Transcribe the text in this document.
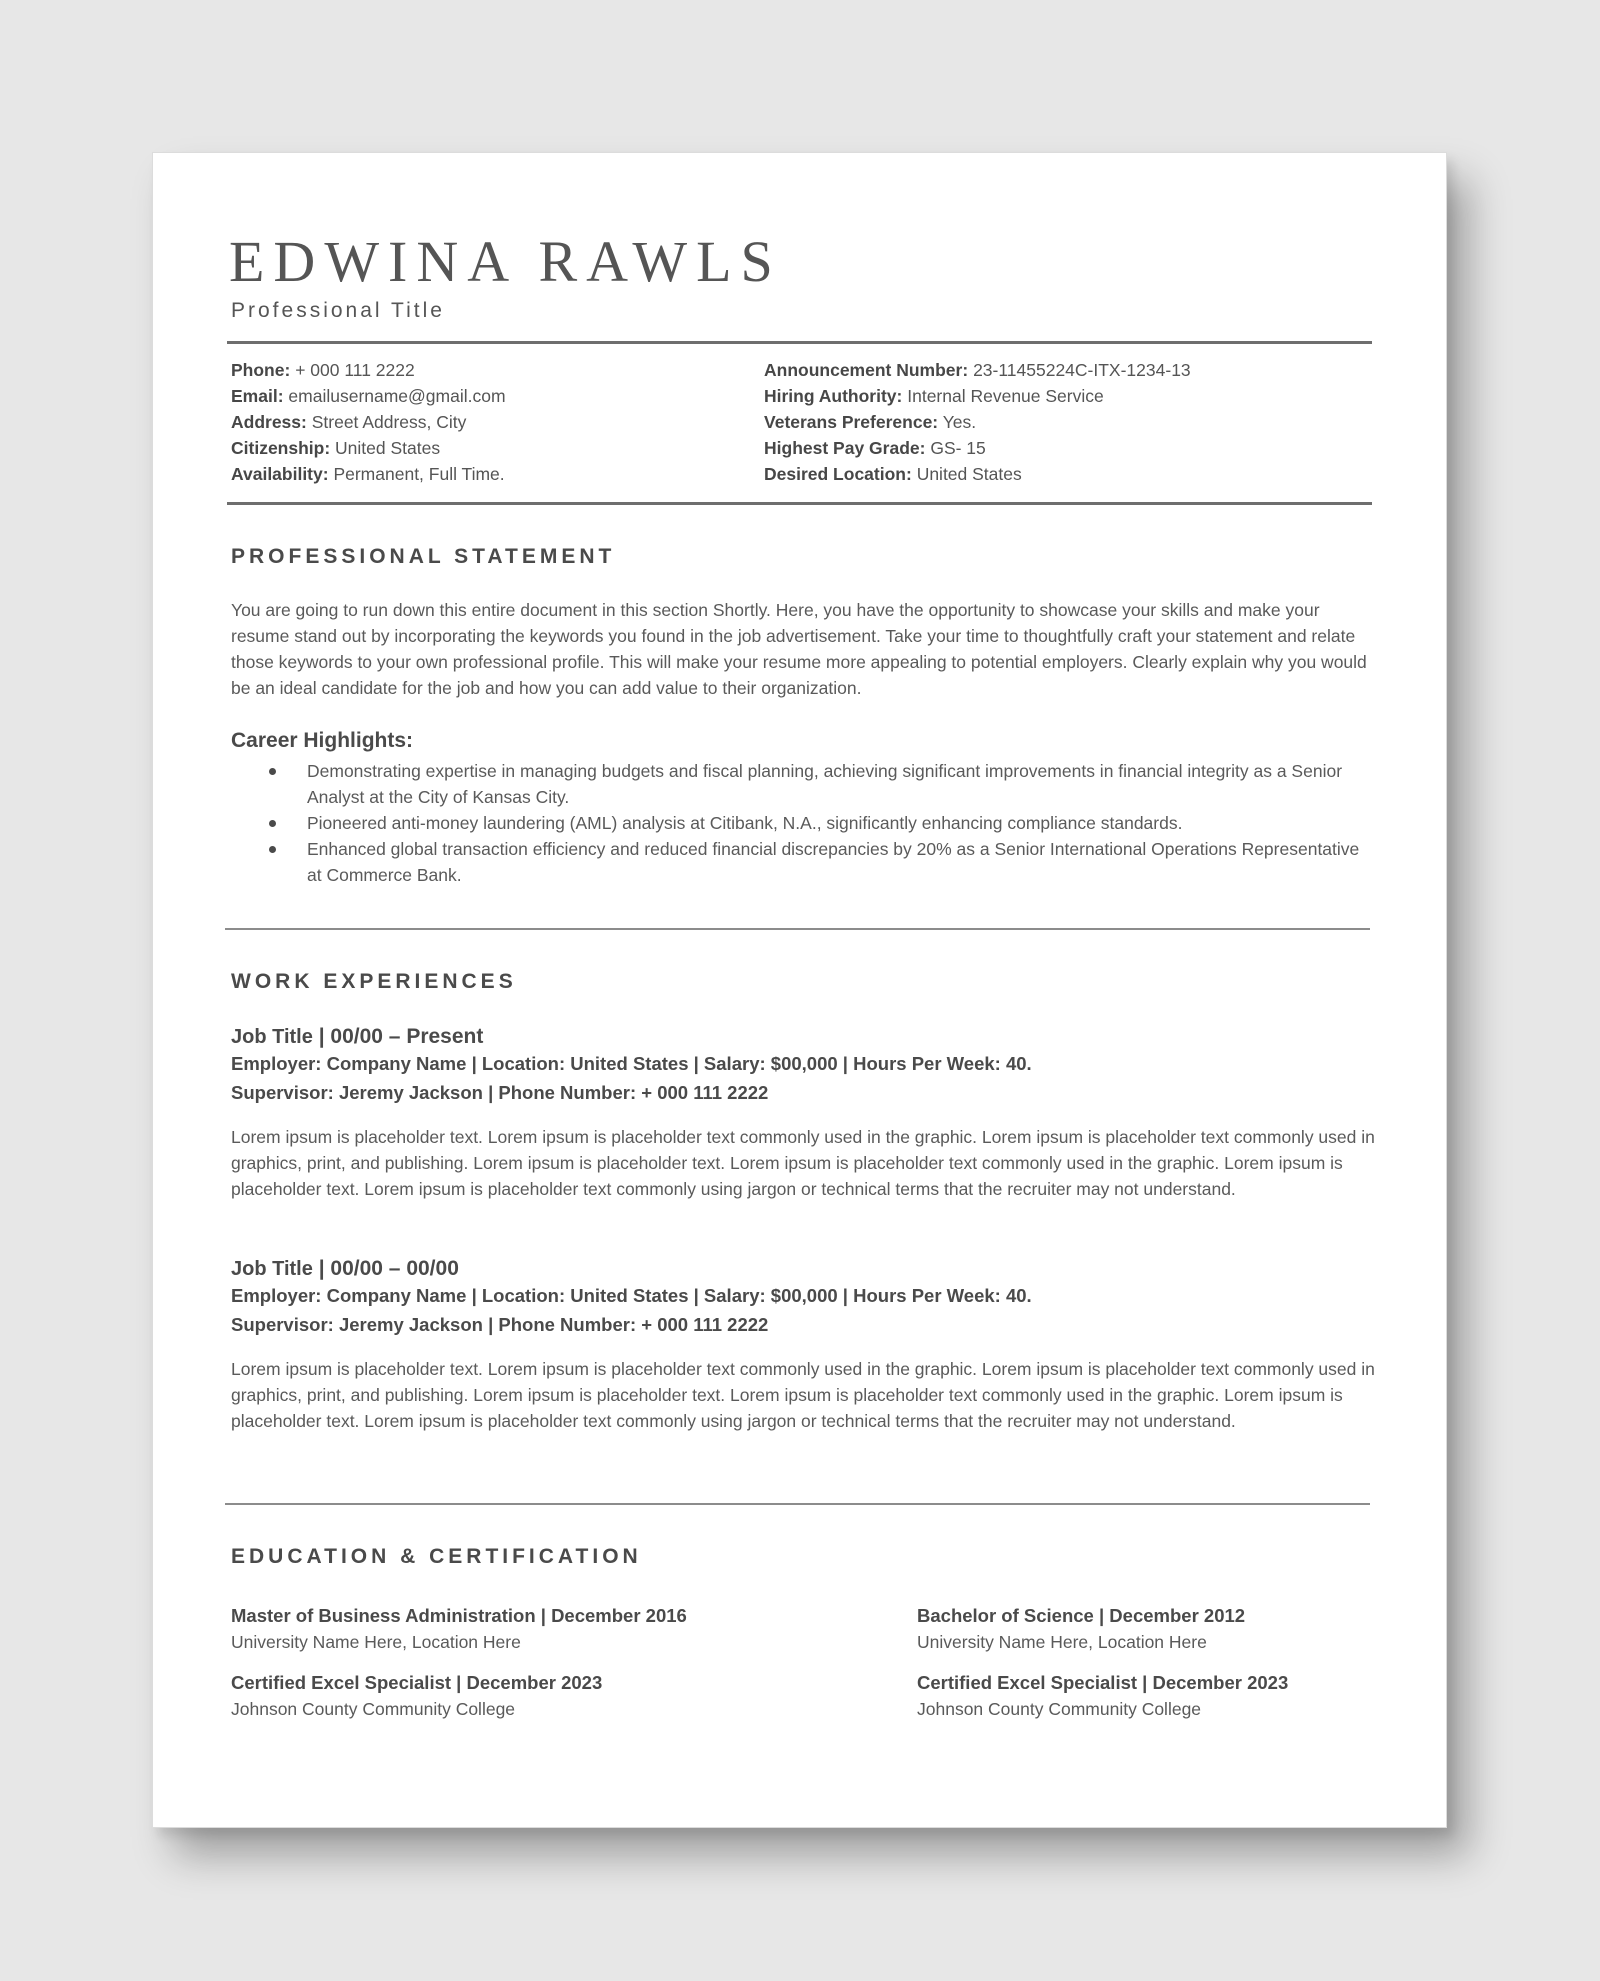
EDWINA RAWLS
Professional Title
Phone: + 000 111 2222
Email: emailusername@gmail.com
Address: Street Address, City
Citizenship: United States
Availability: Permanent, Full Time.
Announcement Number: 23-11455224C-ITX-1234-13
Hiring Authority: Internal Revenue Service
Veterans Preference: Yes.
Highest Pay Grade: GS- 15
Desired Location: United States
PROFESSIONAL STATEMENT
You are going to run down this entire document in this section Shortly. Here, you have the opportunity to showcase your skills and make your resume stand out by incorporating the keywords you found in the job advertisement. Take your time to thoughtfully craft your statement and relate those keywords to your own professional profile. This will make your resume more appealing to potential employers. Clearly explain why you would be an ideal candidate for the job and how you can add value to their organization.
Career Highlights:
Demonstrating expertise in managing budgets and fiscal planning, achieving significant improvements in financial integrity as a Senior Analyst at the City of Kansas City.
Pioneered anti-money laundering (AML) analysis at Citibank, N.A., significantly enhancing compliance standards.
Enhanced global transaction efficiency and reduced financial discrepancies by 20% as a Senior International Operations Representative at Commerce Bank.
WORK EXPERIENCES
Job Title | 00/00 – Present
Employer: Company Name | Location: United States | Salary: $00,000 | Hours Per Week: 40.
Supervisor: Jeremy Jackson | Phone Number: + 000 111 2222
Lorem ipsum is placeholder text. Lorem ipsum is placeholder text commonly used in the graphic. Lorem ipsum is placeholder text commonly used in graphics, print, and publishing. Lorem ipsum is placeholder text. Lorem ipsum is placeholder text commonly used in the graphic. Lorem ipsum is placeholder text. Lorem ipsum is placeholder text commonly using jargon or technical terms that the recruiter may not understand.
Job Title | 00/00 – 00/00
Employer: Company Name | Location: United States | Salary: $00,000 | Hours Per Week: 40.
Supervisor: Jeremy Jackson | Phone Number: + 000 111 2222
Lorem ipsum is placeholder text. Lorem ipsum is placeholder text commonly used in the graphic. Lorem ipsum is placeholder text commonly used in graphics, print, and publishing. Lorem ipsum is placeholder text. Lorem ipsum is placeholder text commonly used in the graphic. Lorem ipsum is placeholder text. Lorem ipsum is placeholder text commonly using jargon or technical terms that the recruiter may not understand.
EDUCATION & CERTIFICATION
Master of Business Administration | December 2016
University Name Here, Location Here
Bachelor of Science | December 2012
University Name Here, Location Here
Certified Excel Specialist | December 2023
Johnson County Community College
Certified Excel Specialist | December 2023
Johnson County Community College
